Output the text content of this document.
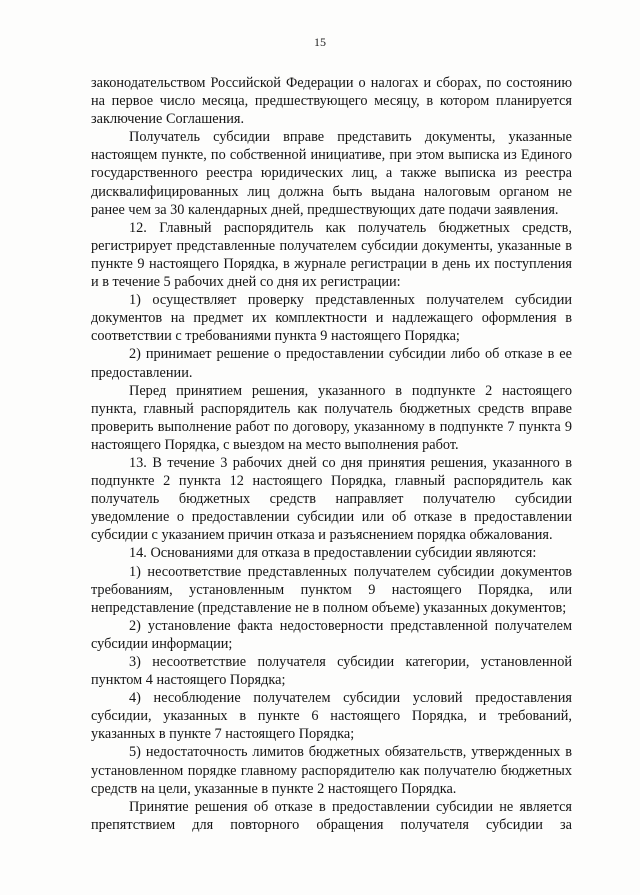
15

законодательством Российской Федерации о налогах и сборах, по состоянию на первое число месяца, предшествующего месяцу, в котором планируется заключение Соглашения.

Получатель субсидии вправе представить документы, указанные настоящем пункте, по собственной инициативе, при этом выписка из Единого государственного реестра юридических лиц, а также выписка из реестра дисквалифицированных лиц должна быть выдана налоговым органом не ранее чем за 30 календарных дней, предшествующих дате подачи заявления.

12. Главный распорядитель как получатель бюджетных средств, регистрирует представленные получателем субсидии документы, указанные в пункте 9 настоящего Порядка, в журнале регистрации в день их поступления и в течение 5 рабочих дней со дня их регистрации:

1) осуществляет проверку представленных получателем субсидии документов на предмет их комплектности и надлежащего оформления в соответствии с требованиями пункта 9 настоящего Порядка;

2) принимает решение о предоставлении субсидии либо об отказе в ее предоставлении.

Перед принятием решения, указанного в подпункте 2 настоящего пункта, главный распорядитель как получатель бюджетных средств вправе проверить выполнение работ по договору, указанному в подпункте 7 пункта 9 настоящего Порядка, с выездом на место выполнения работ.

13. В течение 3 рабочих дней со дня принятия решения, указанного в подпункте 2 пункта 12 настоящего Порядка, главный распорядитель как получатель бюджетных средств направляет получателю субсидии уведомление о предоставлении субсидии или об отказе в предоставлении субсидии с указанием причин отказа и разъяснением порядка обжалования.

14. Основаниями для отказа в предоставлении субсидии являются:

1) несоответствие представленных получателем субсидии документов требованиям, установленным пунктом 9 настоящего Порядка, или непредставление (представление не в полном объеме) указанных документов;

2) установление факта недостоверности представленной получателем субсидии информации;

3) несоответствие получателя субсидии категории, установленной пунктом 4 настоящего Порядка;

4) несоблюдение получателем субсидии условий предоставления субсидии, указанных в пункте 6 настоящего Порядка, и требований, указанных в пункте 7 настоящего Порядка;

5) недостаточность лимитов бюджетных обязательств, утвержденных в установленном порядке главному распорядителю как получателю бюджетных средств на цели, указанные в пункте 2 настоящего Порядка.

Принятие решения об отказе в предоставлении субсидии не является препятствием для повторного обращения получателя субсидии за
